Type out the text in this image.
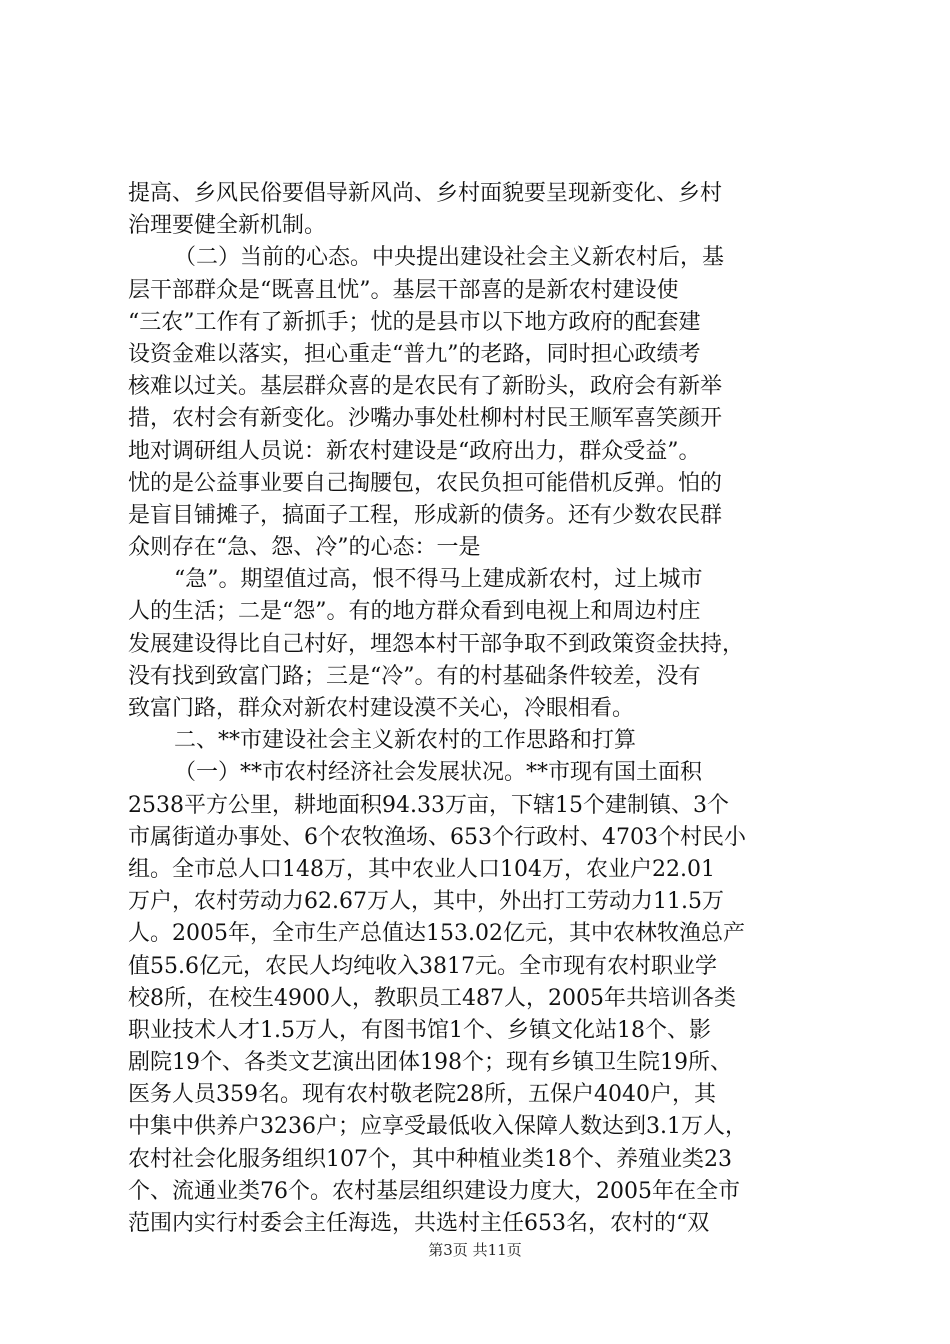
提高、乡风民俗要倡导新风尚、乡村面貌要呈现新变化、乡村
治理要健全新机制。
（二）当前的心态。中央提出建设社会主义新农村后，基
层干部群众是“既喜且忧”。基层干部喜的是新农村建设使
“三农”工作有了新抓手；忧的是县市以下地方政府的配套建
设资金难以落实，担心重走“普九”的老路，同时担心政绩考
核难以过关。基层群众喜的是农民有了新盼头，政府会有新举
措，农村会有新变化。沙嘴办事处杜柳村村民王顺军喜笑颜开
地对调研组人员说：新农村建设是“政府出力，群众受益”。
忧的是公益事业要自己掏腰包，农民负担可能借机反弹。怕的
是盲目铺摊子，搞面子工程，形成新的债务。还有少数农民群
众则存在“急、怨、冷”的心态：一是
“急”。期望值过高，恨不得马上建成新农村，过上城市
人的生活；二是“怨”。有的地方群众看到电视上和周边村庄
发展建设得比自己村好，埋怨本村干部争取不到政策资金扶持，
没有找到致富门路；三是“冷”。有的村基础条件较差，没有
致富门路，群众对新农村建设漠不关心，冷眼相看。
二、**市建设社会主义新农村的工作思路和打算
（一）**市农村经济社会发展状况。**市现有国土面积
2538平方公里，耕地面积94.33万亩，下辖15个建制镇、3个
市属街道办事处、6个农牧渔场、653个行政村、4703个村民小
组。全市总人口148万，其中农业人口104万，农业户22.01
万户，农村劳动力62.67万人，其中，外出打工劳动力11.5万
人。2005年，全市生产总值达153.02亿元，其中农林牧渔总产
值55.6亿元，农民人均纯收入3817元。全市现有农村职业学
校8所，在校生4900人，教职员工487人，2005年共培训各类
职业技术人才1.5万人，有图书馆1个、乡镇文化站18个、影
剧院19个、各类文艺演出团体198个；现有乡镇卫生院19所、
医务人员359名。现有农村敬老院28所，五保户4040户，其
中集中供养户3236户；应享受最低收入保障人数达到3.1万人，
农村社会化服务组织107个，其中种植业类18个、养殖业类23
个、流通业类76个。农村基层组织建设力度大，2005年在全市
范围内实行村委会主任海选，共选村主任653名，农村的“双
第3页 共11页
